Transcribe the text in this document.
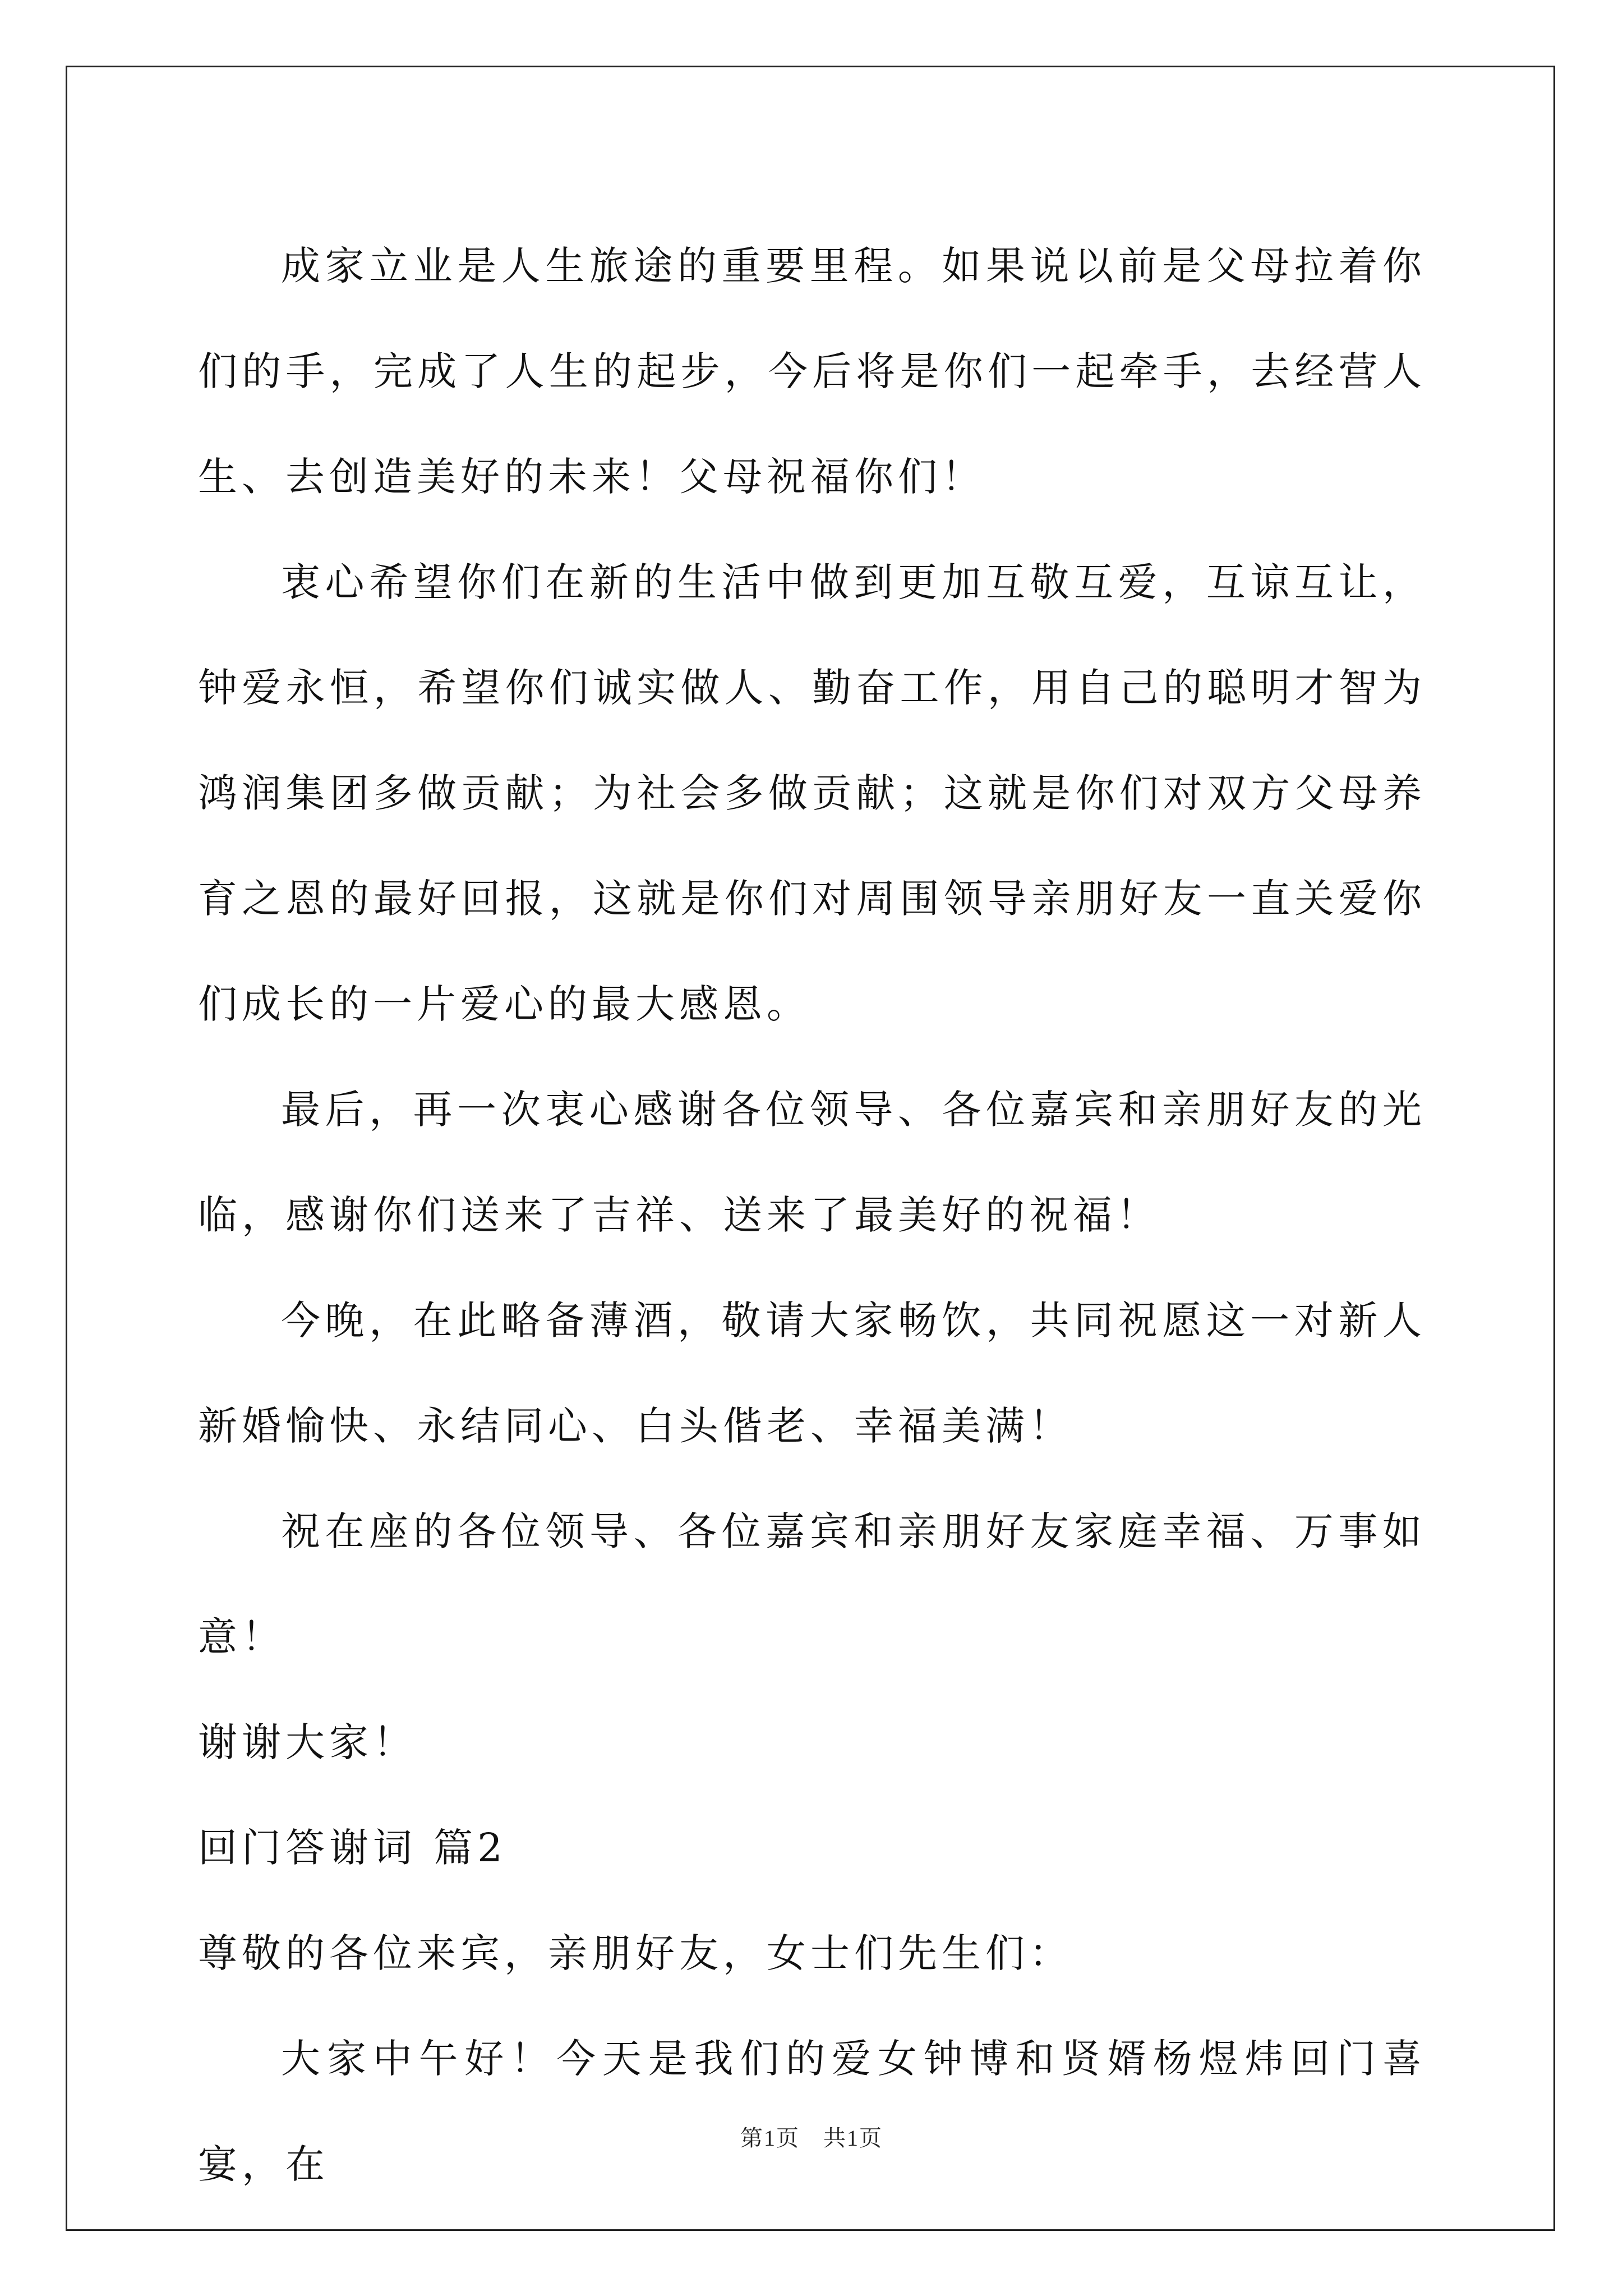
成家立业是人生旅途的重要里程。如果说以前是父母拉着你们的手，完成了人生的起步，今后将是你们一起牵手，去经营人生、去创造美好的未来！父母祝福你们！

衷心希望你们在新的生活中做到更加互敬互爱，互谅互让，钟爱永恒，希望你们诚实做人、勤奋工作，用自己的聪明才智为鸿润集团多做贡献；为社会多做贡献；这就是你们对双方父母养育之恩的最好回报，这就是你们对周围领导亲朋好友一直关爱你们成长的一片爱心的最大感恩。

最后，再一次衷心感谢各位领导、各位嘉宾和亲朋好友的光临，感谢你们送来了吉祥、送来了最美好的祝福！

今晚，在此略备薄酒，敬请大家畅饮，共同祝愿这一对新人新婚愉快、永结同心、白头偕老、幸福美满！

祝在座的各位领导、各位嘉宾和亲朋好友家庭幸福、万事如意！

谢谢大家！

回门答谢词 篇2

尊敬的各位来宾，亲朋好友，女士们先生们：

大家中午好！今天是我们的爱女钟博和贤婿杨煜炜回门喜宴，在

第1页　共1页
